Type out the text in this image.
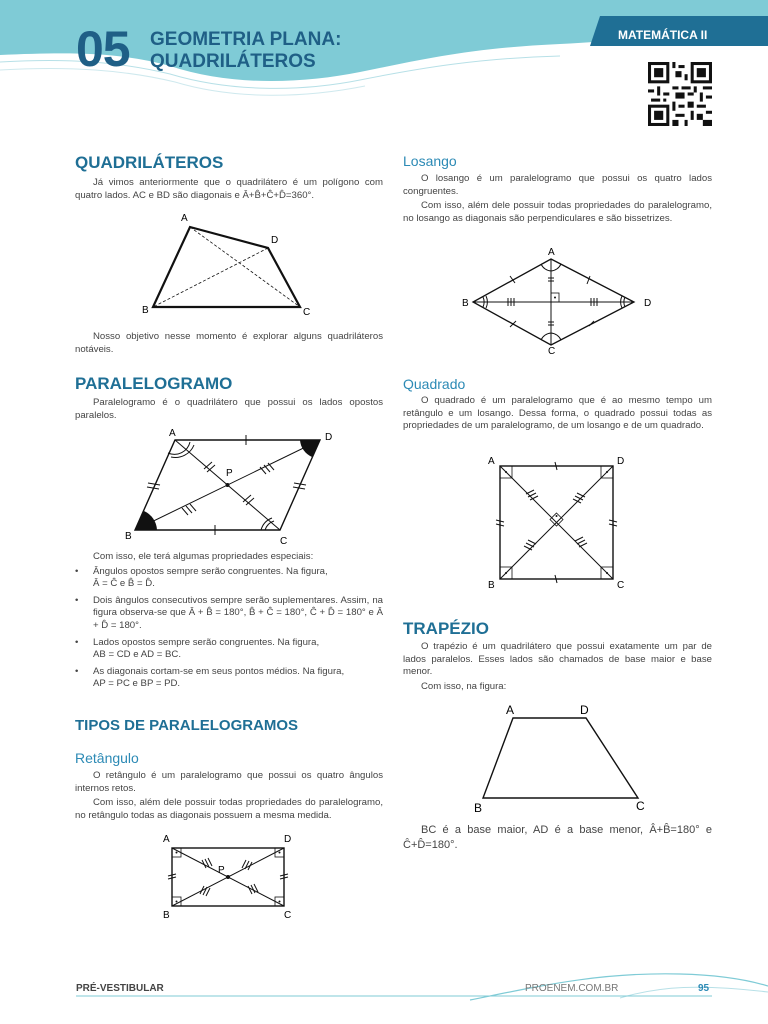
05 GEOMETRIA PLANA:
QUADRILÁTEROS
MATEMÁTICA II
QUADRILÁTEROS

Já vimos anteriormente que o quadrilátero é um polígono com quatro lados. AC e BD são diagonais e Â+B̂+Ĉ+D̂=360°.

A
D
C
B

Nosso objetivo nesse momento é explorar alguns quadriláteros notáveis.

PARALELOGRAMO

Paralelogramo é o quadrilátero que possui os lados opostos paralelos.

A	D
C
B
P

Com isso, ele terá algumas propriedades especiais:

• Ângulos opostos sempre serão congruentes. Na figura,
Â = Ĉ e B̂ = D̂.
• Dois ângulos consecutivos sempre serão suplementares. Assim, na figura observa-se que Â + B̂ = 180°, B̂ + Ĉ = 180°, Ĉ + D̂ = 180° e Â + D̂ = 180°.
• Lados opostos sempre serão congruentes. Na figura,
AB = CD e AD = BC.
• As diagonais cortam-se em seus pontos médios. Na figura,
AP = PC e BP = PD.
TIPOS DE PARALELOGRAMOS
Retângulo

O retângulo é um paralelogramo que possui os quatro ângulos internos retos.

Com isso, além dele possuir todas propriedades do paralelogramo, no retângulo todas as diagonais possuem a mesma medida.

A	D
C
B
P
Losango

O losango é um paralelogramo que possui os quatro lados congruentes.

Com isso, além dele possuir todas propriedades do paralelogramo, no losango as diagonais são perpendiculares e são bissetrizes.

A
B	D
C
Quadrado

O quadrado é um paralelogramo que é ao mesmo tempo um retângulo e um losango. Dessa forma, o quadrado possui todas as propriedades de um paralelogramo, de um losango e de um quadrado.

A	D
B	C
TRAPÉZIO

O trapézio é um quadrilátero que possui exatamente um par de lados paralelos. Esses lados são chamados de base maior e base menor.

Com isso, na figura:

A	D
B	C

BC é a base maior, AD é a base menor, Â+B̂=180° e Ĉ+D̂=180°.

PRÉ-VESTIBULAR	PROENEM.COM.BR	95
